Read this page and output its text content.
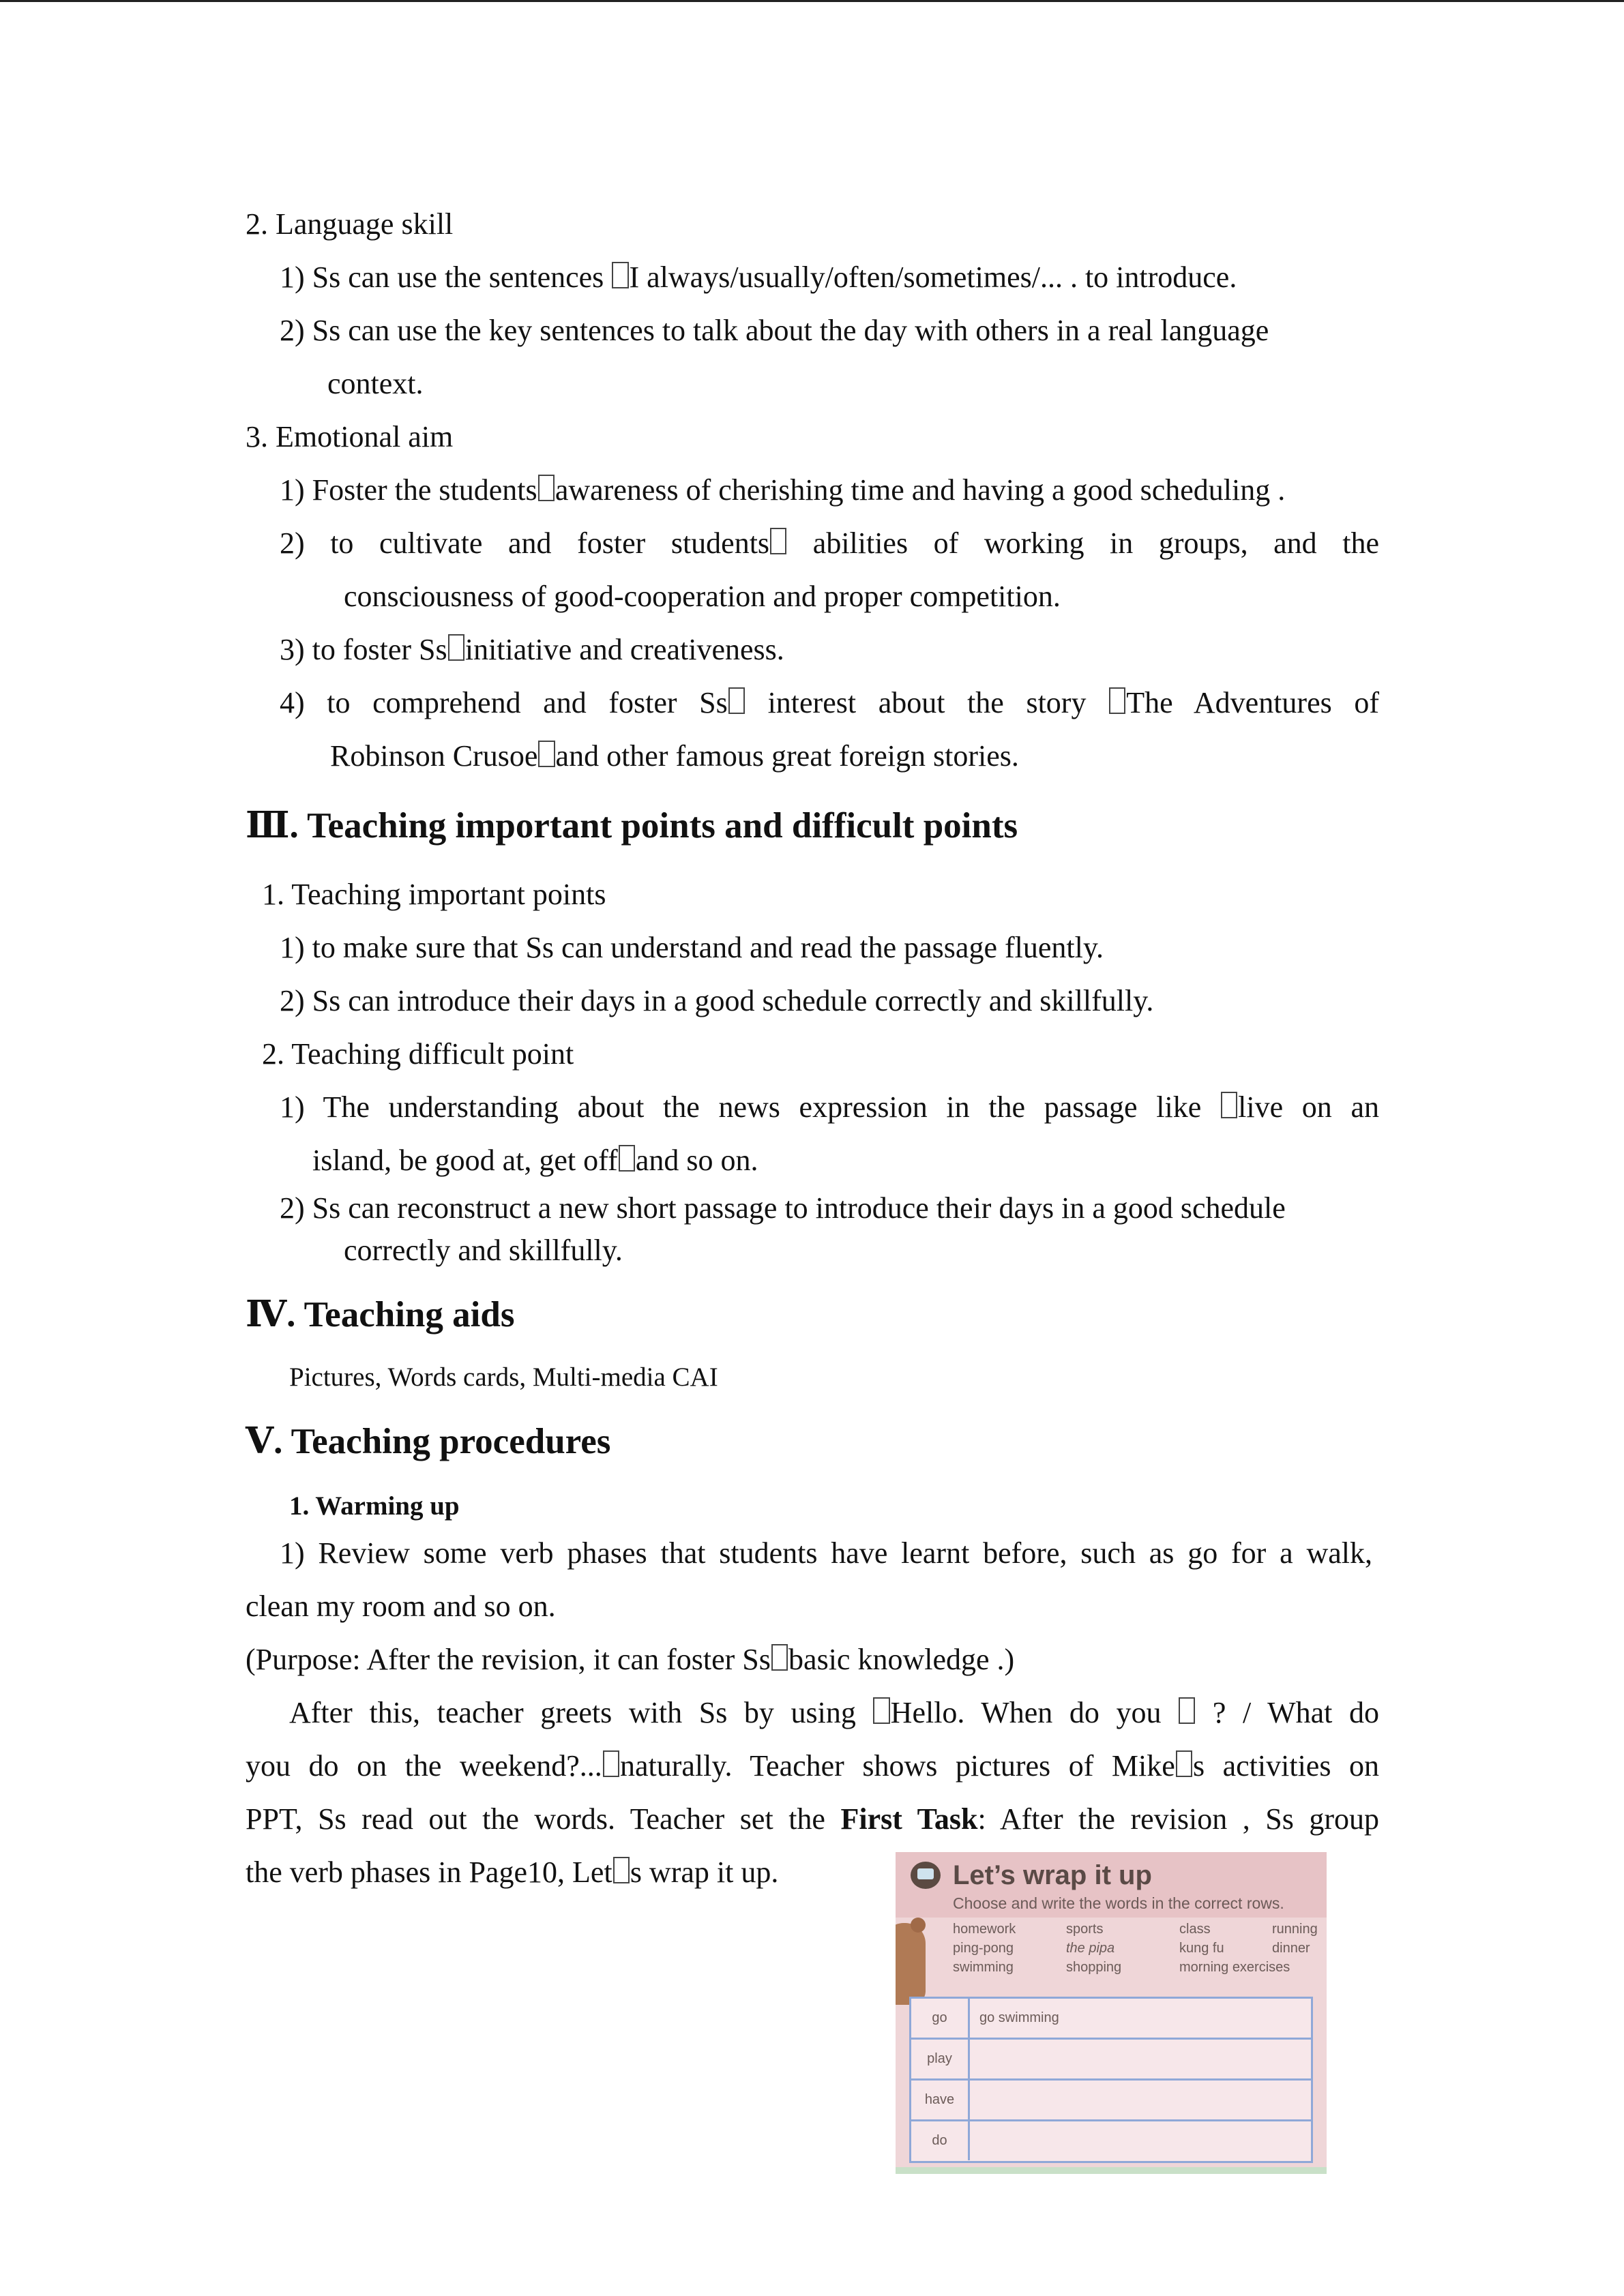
2. Language skill
1) Ss can use the sentences I always/usually/often/sometimes/... . to introduce.
2) Ss can use the key sentences to talk about the day with others in a real language
context.
3. Emotional aim
1) Foster the students awareness of cherishing time and having a good scheduling .
2) to cultivate and foster students abilities of working in groups, and the
consciousness of good-cooperation and proper competition.
3) to foster Ss initiative and creativeness.
4) to comprehend and foster Ss interest about the story The Adventures of
Robinson Crusoe and other famous great foreign stories.
Ⅲ. Teaching important points and difficult points
1. Teaching important points
1) to make sure that Ss can understand and read the passage fluently.
2) Ss can introduce their days in a good schedule correctly and skillfully.
2. Teaching difficult point
1) The understanding about the news expression in the passage like live on an
island, be good at, get off and so on.
2) Ss can reconstruct a new short passage to introduce their days in a good schedule
correctly and skillfully.
Ⅳ. Teaching aids
Pictures, Words cards, Multi-media CAI
Ⅴ. Teaching procedures
1. Warming up
1) Review some verb phases that students have learnt before, such as go for a walk,
clean my room and so on.
(Purpose: After the revision, it can foster Ss basic knowledge .)
After this, teacher greets with Ss by using Hello. When do you  ? / What do
you do on the weekend?... naturally. Teacher shows pictures of Mike s activities on
PPT, Ss read out the words. Teacher set the First Task: After the revision , Ss group
the verb phases in Page10, Let s wrap it up.	Let’s wrap it up
Choose and write the words in the correct rows.
homework	sports	class	running
ping-pong	the pipa	kung fu	dinner
swimming	shopping	morning exercises
go	go swimming
play
have
do
